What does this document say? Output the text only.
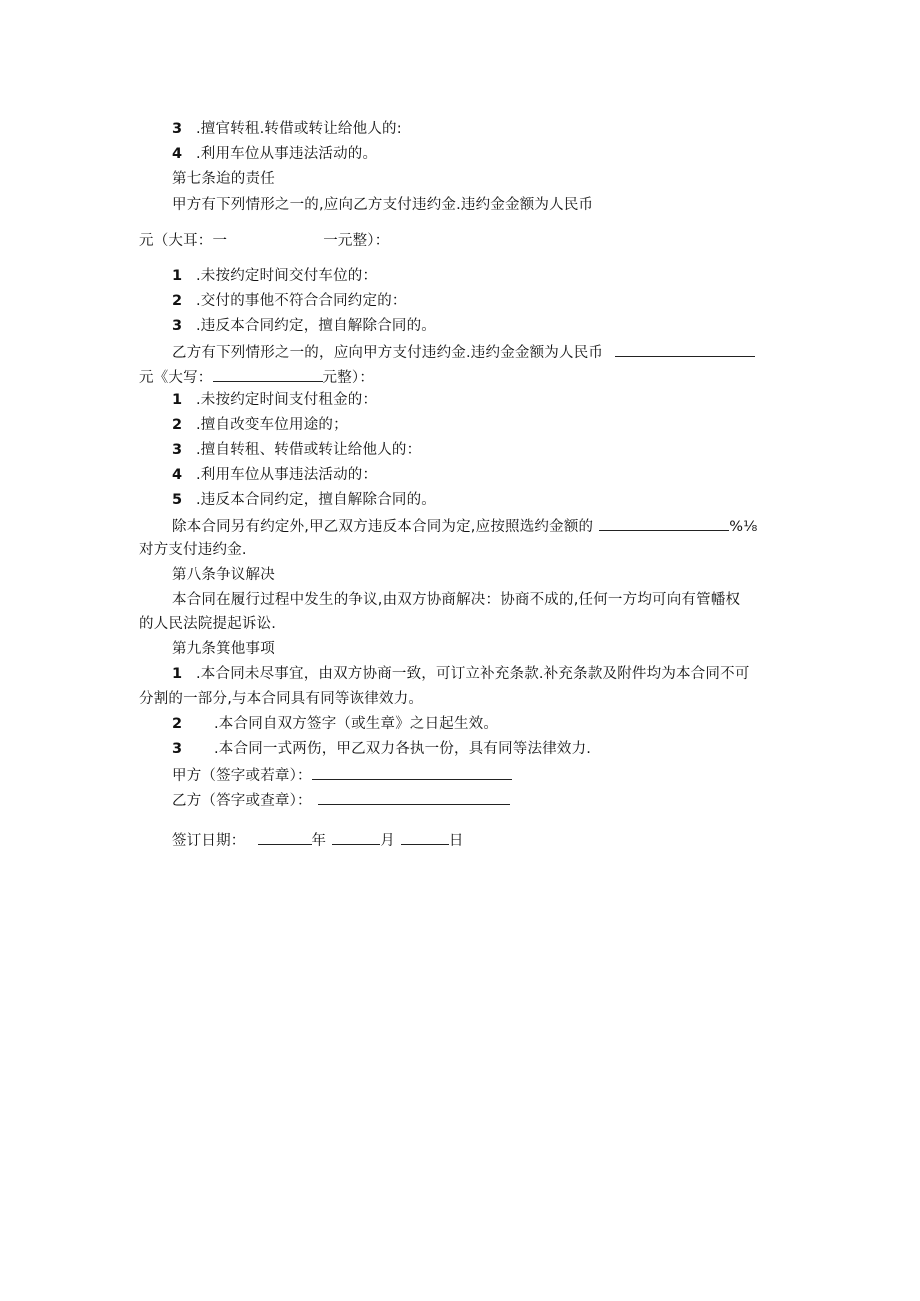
3 .擅官转租.转借或转让给他人的:
4 .利用车位从事违法活动的。
第七条迨的责任
甲方有下列情形之一的,应向乙方支付违约金.违约金金额为人民币
元（大耳：一	一元整）：
1 .未按约定时间交付车位的：
2 .交付的事他不符合合同约定的：
3 .违反本合同约定，擅自解除合同的。
乙方有下列情形之一的，应向甲方支付违约金.违约金金额为人民币
元《大写：	元整）：
1 .未按约定时间支付租金的：
2 .擅自改变车位用途的；
3 .擅自转租、转借或转让给他人的：
4 .利用车位从事违法活动的：
5 .违反本合同约定，擅自解除合同的。
除本合同另有约定外,甲乙双方违反本合同为定,应按照选约金额的	%⅛
对方支付违约金.
第八条争议解决
本合同在履行过程中发生的争议,由双方协商解决：协商不成的,任何一方均可向有管幡权
的人民法院提起诉讼.
第九条箕他事项
1 .本合同未尽事宜，由双方协商一致，可订立补充条款.补充条款及附件均为本合同不可
分割的一部分,与本合同具有同等诙律效力。
2 .本合同自双方签字（或生章》之日起生效。
3 .本合同一式两伤，甲乙双力各执一份，具有同等法律效力.
甲方（签字或若章）：
乙方（答字或查章）：
签订日期：	年	月	日
